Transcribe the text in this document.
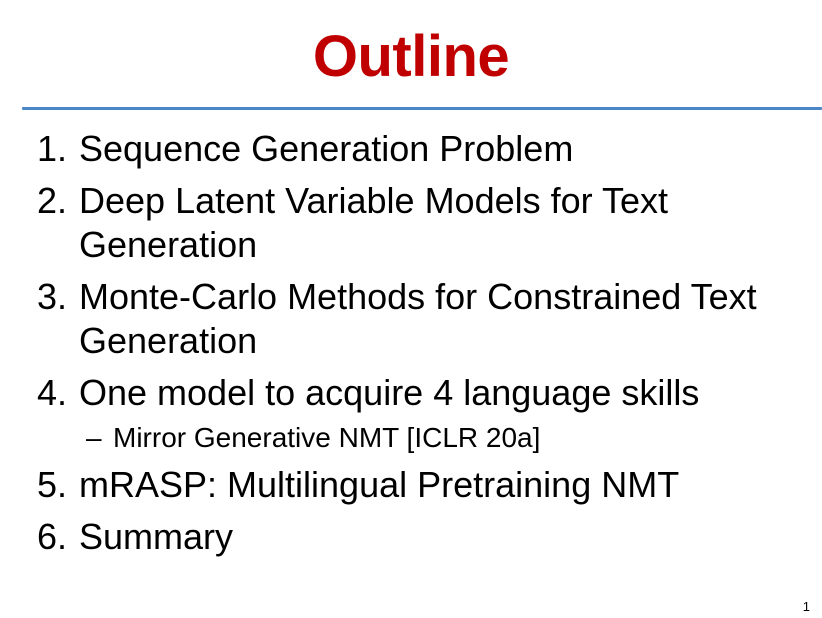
Outline
1. Sequence Generation Problem
2. Deep Latent Variable Models for Text
Generation
3. Monte-Carlo Methods for Constrained Text
Generation
4. One model to acquire 4 language skills
– Mirror Generative NMT [ICLR 20a]
5. mRASP: Multilingual Pretraining NMT
6. Summary
1
